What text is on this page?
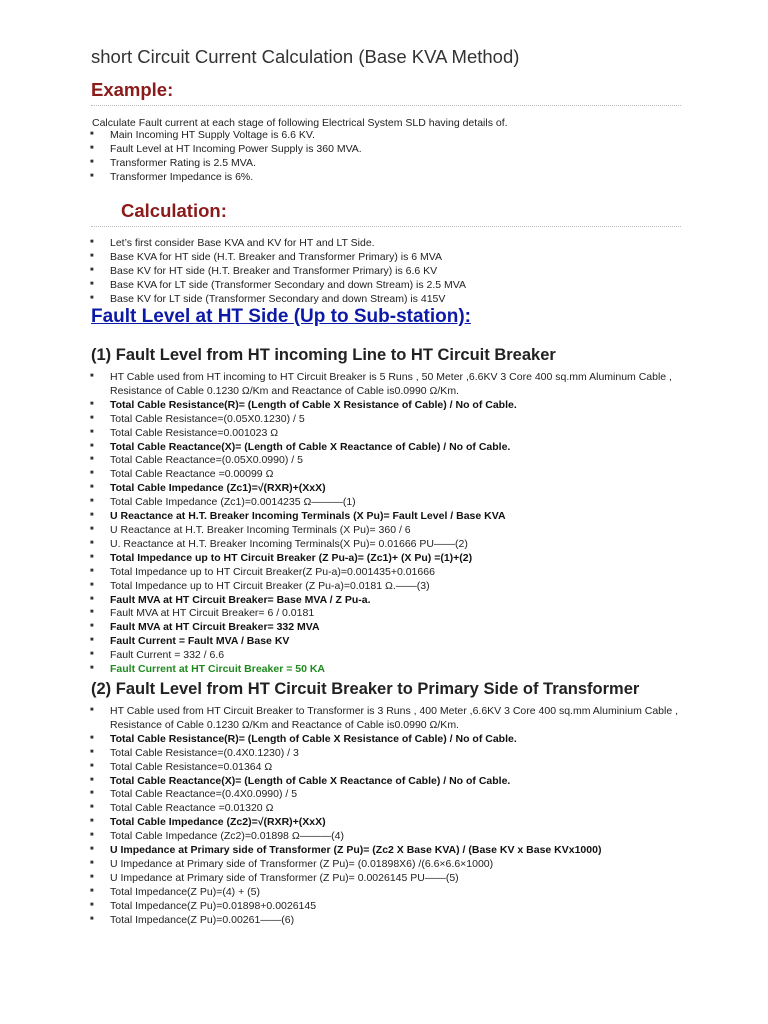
short Circuit Current Calculation (Base KVA Method)
Example:
Calculate Fault current at each stage of following Electrical System SLD having details of.
■ Main Incoming HT Supply Voltage is 6.6 KV.
■ Fault Level at HT Incoming Power Supply is 360 MVA.
■ Transformer Rating is 2.5 MVA.
■ Transformer Impedance is 6%.
Calculation:
■ Let’s first consider Base KVA and KV for HT and LT Side.
■ Base KVA for HT side (H.T. Breaker and Transformer Primary) is 6 MVA
■ Base KV for HT side (H.T. Breaker and Transformer Primary) is 6.6 KV
■ Base KVA for LT side (Transformer Secondary and down Stream) is 2.5 MVA
■ Base KV for LT side (Transformer Secondary and down Stream) is 415V
Fault Level at HT Side (Up to Sub-station):
(1) Fault Level from HT incoming Line to HT Circuit Breaker
■ HT Cable used from HT incoming to HT Circuit Breaker is 5 Runs , 50 Meter ,6.6KV 3 Core 400 sq.mm Aluminum Cable , Resistance of Cable 0.1230 Ω/Km and Reactance of Cable is0.0990 Ω/Km.
■ Total Cable Resistance(R)= (Length of Cable X Resistance of Cable) / No of Cable.
■ Total Cable Resistance=(0.05X0.1230) / 5
■ Total Cable Resistance=0.001023 Ω
■ Total Cable Reactance(X)= (Length of Cable X Reactance of Cable) / No of Cable.
■ Total Cable Reactance=(0.05X0.0990) / 5
■ Total Cable Reactance =0.00099 Ω
■ Total Cable Impedance (Zc1)=√(RXR)+(XxX)
■ Total Cable Impedance (Zc1)=0.0014235 Ω———(1)
■ U Reactance at H.T. Breaker Incoming Terminals (X Pu)= Fault Level / Base KVA
■ U Reactance at H.T. Breaker Incoming Terminals (X Pu)= 360 / 6
■ U. Reactance at H.T. Breaker Incoming Terminals(X Pu)= 0.01666 PU——(2)
■ Total Impedance up to HT Circuit Breaker (Z Pu-a)= (Zc1)+ (X Pu) =(1)+(2)
■ Total Impedance up to HT Circuit Breaker(Z Pu-a)=0.001435+0.01666
■ Total Impedance up to HT Circuit Breaker (Z Pu-a)=0.0181 Ω.——(3)
■ Fault MVA at HT Circuit Breaker= Base MVA / Z Pu-a.
■ Fault MVA at HT Circuit Breaker= 6 / 0.0181
■ Fault MVA at HT Circuit Breaker= 332 MVA
■ Fault Current = Fault MVA / Base KV
■ Fault Current = 332 / 6.6
■ Fault Current at HT Circuit Breaker = 50 KA
(2) Fault Level from HT Circuit Breaker to Primary Side of Transformer
■ HT Cable used from HT Circuit Breaker to Transformer is 3 Runs , 400 Meter ,6.6KV 3 Core 400 sq.mm Aluminium Cable , Resistance of Cable 0.1230 Ω/Km and Reactance of Cable is0.0990 Ω/Km.
■ Total Cable Resistance(R)= (Length of Cable X Resistance of Cable) / No of Cable.
■ Total Cable Resistance=(0.4X0.1230) / 3
■ Total Cable Resistance=0.01364 Ω
■ Total Cable Reactance(X)= (Length of Cable X Reactance of Cable) / No of Cable.
■ Total Cable Reactance=(0.4X0.0990) / 5
■ Total Cable Reactance =0.01320 Ω
■ Total Cable Impedance (Zc2)=√(RXR)+(XxX)
■ Total Cable Impedance (Zc2)=0.01898 Ω———(4)
■ U Impedance at Primary side of Transformer (Z Pu)= (Zc2 X Base KVA) / (Base KV x Base KVx1000)
■ U Impedance at Primary side of Transformer (Z Pu)= (0.01898X6) /(6.6×6.6×1000)
■ U Impedance at Primary side of Transformer (Z Pu)= 0.0026145 PU——(5)
■ Total Impedance(Z Pu)=(4) + (5)
■ Total Impedance(Z Pu)=0.01898+0.0026145
■ Total Impedance(Z Pu)=0.00261——(6)
